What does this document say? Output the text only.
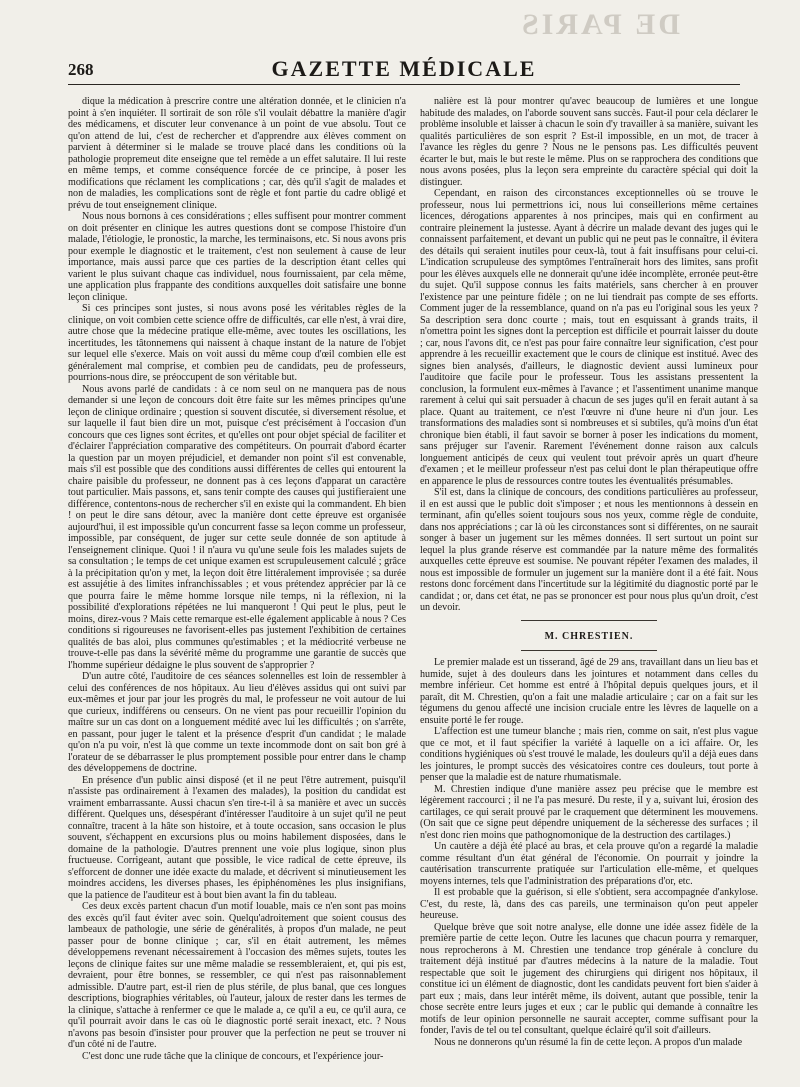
DE PARIS
268	GAZETTE MÉDICALE

dique la médication à prescrire contre une altération donnée, et le clinicien n'a point à s'en inquiéter. Il sortirait de son rôle s'il voulait débattre la manière d'agir des médicamens, et discuter leur convenance à un point de vue absolu. Tout ce qu'on attend de lui, c'est de rechercher et d'apprendre aux élèves comment on parvient à déterminer si le malade se trouve placé dans les conditions où la pathologie propremeut dite enseigne que tel remède a un effet salutaire. Il lui reste en même temps, et comme conséquence forcée de ce principe, à poser les modifications que réclament les complications ; car, dès qu'il s'agit de malades et non de maladies, les complications sont de règle et font partie du cadre obligé et prévu de tout enseignement clinique.

Nous nous bornons à ces considérations ; elles suffisent pour montrer comment on doit présenter en clinique les autres questions dont se compose l'histoire d'un malade, l'étiologie, le pronostic, la marche, les terminaisons, etc. Si nous avons pris pour exemple le diagnostic et le traitement, c'est non seulement à cause de leur importance, mais aussi parce que ces parties de la description étant celles qui varient le plus suivant chaque cas individuel, nous fournissaient, par cela même, une application plus frappante des conditions auxquelles doit satisfaire une bonne leçon clinique.

Si ces principes sont justes, si nous avons posé les véritables règles de la clinique, on voit combien cette science offre de difficultés, car elle n'est, à vrai dire, autre chose que la médecine pratique elle-même, avec toutes les oscillations, les incertitudes, les tâtonnemens qui naissent à chaque instant de la nature de l'objet sur lequel elle s'exerce. Mais on voit aussi du même coup d'œil combien elle est généralement mal comprise, et combien peu de candidats, peu de professeurs, pourrions-nous dire, se préoccupent de son véritable but.

Nous avons parlé de candidats : à ce nom seul on ne manquera pas de nous demander si une leçon de concours doit être faite sur les mêmes principes qu'une leçon de clinique ordinaire ; question si souvent discutée, si diversement résolue, et sur laquelle il faut bien dire un mot, puisque c'est précisément à l'occasion d'un concours que ces lignes sont écrites, et qu'elles ont pour objet spécial de faciliter et d'éclairer l'appréciation comparative des compétiteurs. On pourrait d'abord écarter la question par un moyen préjudiciel, et demander non point s'il est convenable, mais s'il est possible que des conditions aussi différentes de celles qui entourent la chaire paisible du professeur, ne donnent pas à ces leçons d'apparat un caractère tout particulier. Mais passons, et, sans tenir compte des causes qui justifieraient une différence, contentons-nous de rechercher s'il en existe qui la commandent. Eh bien ! on peut le dire sans détour, avec la manière dont cette épreuve est organisée aujourd'hui, il est impossible qu'un concurrent fasse sa leçon comme un professeur, impossible, par conséquent, de juger sur cette seule donnée de son aptitude à l'enseignement clinique. Quoi ! il n'aura vu qu'une seule fois les malades sujets de sa consultation ; le temps de cet unique examen est scrupuleusement calculé ; grâce à la précipitation qu'on y met, la leçon doit être littéralement improvisée ; sa durée est assujétie à des limites infranchissables ; et vous prétendez apprécier par là ce que pourra faire le même homme lorsque nile temps, ni la réflexion, ni la possibilité d'explorations répétées ne lui manqueront ! Qui peut le plus, peut le moins, direz-vous ? Mais cette remarque est-elle également applicable à nous ? Ces conditions si rigoureuses ne favorisent-elles pas justement l'exhibition de certaines qualités de bas aloi, plus communes qu'estimables ; et la médiocrité verbeuse ne trouve-t-elle pas dans la sévérité même du programme une garantie de succès que l'homme supérieur dédaigne le plus souvent de s'approprier ?

D'un autre côté, l'auditoire de ces séances solennelles est loin de ressembler à celui des conférences de nos hôpitaux. Au lieu d'élèves assidus qui ont suivi par eux-mêmes et jour par jour les progrès du mal, le professeur ne voit autour de lui que curieux, indifférens ou censeurs. On ne vient pas pour recueillir l'opinion du maître sur un cas dont on a longuement médité avec lui les difficultés ; on s'arrête, en passant, pour juger le talent et la présence d'esprit d'un candidat ; le malade qu'on n'a pu voir, n'est là que comme un texte incommode dont on sait bon gré à l'orateur de se débarrasser le plus promptement possible pour entrer dans le champ des développemens de doctrine.

En présence d'un public ainsi disposé (et il ne peut l'être autrement, puisqu'il n'assiste pas ordinairement à l'examen des malades), la position du candidat est vraiment embarrassante. Aussi chacun s'en tire-t-il à sa manière et avec un succès différent. Quelques uns, désespérant d'intéresser l'auditoire à un sujet qu'il ne peut connaître, tracent à la hâte son histoire, et à toute occasion, sans occasion le plus souvent, s'échappent en excursions plus ou moins habilement disposées, dans le domaine de la pathologie. D'autres prennent une voie plus logique, sinon plus fructueuse. Corrigeant, autant que possible, le vice radical de cette épreuve, ils s'efforcent de donner une idée exacte du malade, et décrivent si minutieusement les moindres accidens, les diverses phases, les épiphénomènes les plus insignifians, que la patience de l'auditeur est à bout bien avant la fin du tableau.

Ces deux excès partent chacun d'un motif louable, mais ce n'en sont pas moins des excès qu'il faut éviter avec soin. Quelqu'adroitement que soient cousus des lambeaux de pathologie, une série de généralités, à propos d'un malade, ne peut passer pour de bonne clinique ; car, s'il en était autrement, les mêmes développemens revenant nécessairement à l'occasion des mêmes sujets, toutes les leçons de clinique faites sur une même maladie se ressembleraient, et, qui pis est, devraient, pour être bonnes, se ressembler, ce qui n'est pas raisonnablement admissible. D'autre part, est-il rien de plus stérile, de plus banal, que ces longues descriptions, biographies véritables, où l'auteur, jaloux de rester dans les termes de la clinique, s'attache à renfermer ce que le malade a, ce qu'il a eu, ce qu'il aura, ce qu'il pourrait avoir dans le cas où le diagnostic porté serait inexact, etc. ? Nous n'avons pas besoin d'insister pour prouver que la perfection ne peut se trouver ni d'un côté ni de l'autre.

C'est donc une rude tâche que la clinique de concours, et l'expérience jour-

nalière est là pour montrer qu'avec beaucoup de lumières et une longue habitude des malades, on l'aborde souvent sans succès. Faut-il pour cela déclarer le problème insoluble et laisser à chacun le soin d'y travailler à sa manière, suivant les qualités particulières de son esprit ? Est-il impossible, en un mot, de tracer à l'avance les règles du genre ? Nous ne le pensons pas. Les difficultés peuvent écarter le but, mais le but reste le même. Plus on se rapprochera des conditions que nous avons posées, plus la leçon sera empreinte du caractère spécial qui doit la distinguer.

Cependant, en raison des circonstances exceptionnelles où se trouve le professeur, nous lui permettrions ici, nous lui conseillerions même certaines licences, dérogations apparentes à nos principes, mais qui en confirment au contraire pleinement la justesse. Ayant à décrire un malade devant des juges qui le connaissent parfaitement, et devant un public qui ne peut pas le connaître, il évitera des détails qui seraient inutiles pour ceux-là, tout à fait insuffisans pour celui-ci. L'indication scrupuleuse des symptômes l'entraînerait hors des limites, sans profit pour les élèves auxquels elle ne donnerait qu'une idée incomplète, erronée peut-être du sujet. Qu'il suppose connus les faits matériels, sans chercher à en prouver l'existence par une peinture fidèle ; on ne lui tiendrait pas compte de ses efforts. Comment juger de la ressemblance, quand on n'a pas eu l'original sous les yeux ? Sa description sera donc courte ; mais, tout en esquissant à grands traits, il n'omettra point les signes dont la perception est difficile et pourrait laisser du doute ; car, nous l'avons dit, ce n'est pas pour faire connaître leur signification, c'est pour apprendre à les recueillir exactement que le cours de clinique est institué. Avec des signes bien analysés, d'ailleurs, le diagnostic devient aussi lumineux pour l'auditoire que facile pour le professeur. Tous les assistans pressentent la conclusion, la formulent eux-mêmes à l'avance ; et l'assentiment unanime manque rarement à celui qui sait persuader à chacun de ses juges qu'il en ferait autant à sa place. Quant au traitement, ce n'est l'œuvre ni d'une heure ni d'un jour. Les transformations des maladies sont si nombreuses et si subtiles, qu'à moins d'un état chronique bien établi, il faut savoir se borner à poser les indications du moment, sans préjuger sur l'avenir. Rarement l'événement donne raison aux calculs longuement anticipés de ceux qui veulent tout prévoir après un quart d'heure d'examen ; et le meilleur professeur n'est pas celui dont le plan thérapeutique offre en apparence le plus de ressources contre toutes les éventualités présumables.

S'il est, dans la clinique de concours, des conditions particulières au professeur, il en est aussi que le public doit s'imposer ; et nous les mentionnons à dessein en terminant, afin qu'elles soient toujours sous nos yeux, comme règle de conduite, dans nos appréciations ; car là où les circonstances sont si différentes, on ne saurait songer à baser un jugement sur les mêmes données. Il sert surtout un point sur lequel la plus grande réserve est commandée par la nature même des formalités auxquelles cette épreuve est soumise. Ne pouvant répéter l'examen des malades, il nous est impossible de formuler un jugement sur la manière dont il a été fait. Nous restons donc forcément dans l'incertitude sur la légitimité du diagnostic porté par le candidat ; or, dans cet état, ne pas se prononcer est pour nous plus qu'un droit, c'est un devoir.

M. CHRESTIEN.

Le premier malade est un tisserand, âgé de 29 ans, travaillant dans un lieu bas et humide, sujet à des douleurs dans les jointures et notamment dans celles du membre inférieur. Cet homme est entré à l'hôpital depuis quelques jours, et il paraît, dit M. Chrestien, qu'on a fait une maladie articulaire ; car on a fait sur les tégumens du genou affecté une incision cruciale entre les lèvres de laquelle on a ensuite porté le fer rouge.

L'affection est une tumeur blanche ; mais rien, comme on sait, n'est plus vague que ce mot, et il faut spécifier la variété à laquelle on a ici affaire. Or, les conditions hygiéniques où s'est trouvé le malade, les douleurs qu'il a déjà eues dans les jointures, le prompt succès des vésicatoires contre ces douleurs, tout porte à penser que la maladie est de nature rhumatismale.

M. Chrestien indique d'une manière assez peu précise que le membre est légèrement raccourci ; il ne l'a pas mesuré. Du reste, il y a, suivant lui, érosion des cartilages, ce qui serait prouvé par le craquement que déterminent les mouvemens. (On sait que ce signe peut dépendre uniquement de la sécheresse des surfaces ; il n'est donc rien moins que pathognomonique de la destruction des cartilages.)

Un cautère a déjà été placé au bras, et cela prouve qu'on a regardé la maladie comme résultant d'un état général de l'économie. On pourrait y joindre la cautérisation transcurrente pratiquée sur l'articulation elle-même, et quelques moyens internes, tels que l'administration des préparations d'or, etc.

Il est probable que la guérison, si elle s'obtient, sera accompagnée d'ankylose. C'est, du reste, là, dans des cas pareils, une terminaison qu'on peut appeler heureuse.

Quelque brève que soit notre analyse, elle donne une idée assez fidèle de la première partie de cette leçon. Outre les lacunes que chacun pourra y remarquer, nous reprocherons à M. Chrestien une tendance trop générale à conclure du traitement déjà institué par d'autres médecins à la nature de la maladie. Tout respectable que soit le jugement des chirurgiens qui dirigent nos hôpitaux, il constitue ici un élément de diagnostic, dont les candidats peuvent fort bien s'aider à part eux ; mais, dans leur intérêt même, ils doivent, autant que possible, tenir la chose secrète entre leurs juges et eux ; car le public qui demande à connaître les motifs de leur opinion personnelle ne saurait accepter, comme suffisant pour la fonder, l'avis de tel ou tel consultant, quelque éclairé qu'il soit d'ailleurs.

Nous ne donnerons qu'un résumé la fin de cette leçon. A propos d'un malade
